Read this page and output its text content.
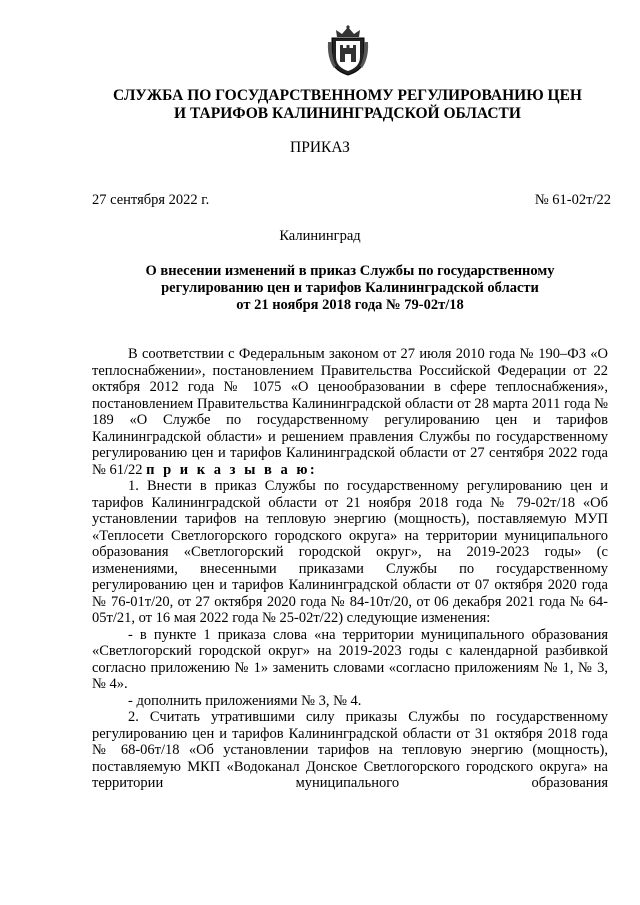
СЛУЖБА ПО ГОСУДАРСТВЕННОМУ РЕГУЛИРОВАНИЮ ЦЕН
И ТАРИФОВ КАЛИНИНГРАДСКОЙ ОБЛАСТИ
ПРИКАЗ
27 сентября 2022 г.	№ 61-02т/22
Калининград
О внесении изменений в приказ Службы по государственному
регулированию цен и тарифов Калининградской области
от 21 ноября 2018 года № 79-02т/18

В соответствии с Федеральным законом от 27 июля 2010 года № 190–ФЗ «О теплоснабжении», постановлением Правительства Российской Федерации от 22 октября 2012 года № 1075 «О ценообразовании в сфере теплоснабжения», постановлением Правительства Калининградской области от 28 марта 2011 года № 189 «О Службе по государственному регулированию цен и тарифов Калининградской области» и решением правления Службы по государственному регулированию цен и тарифов Калининградской области от 27 сентября 2022 года № 61/22 п р и к а з ы в а ю:

1. Внести в приказ Службы по государственному регулированию цен и тарифов Калининградской области от 21 ноября 2018 года № 79-02т/18 «Об установлении тарифов на тепловую энергию (мощность), поставляемую МУП «Теплосети Светлогорского городского округа» на территории муниципального образования «Светлогорский городской округ», на 2019-2023 годы» (с изменениями, внесенными приказами Службы по государственному регулированию цен и тарифов Калининградской области от 07 октября 2020 года № 76-01т/20, от 27 октября 2020 года № 84-10т/20, от 06 декабря 2021 года № 64-05т/21, от 16 мая 2022 года № 25-02т/22) следующие изменения:

- в пункте 1 приказа слова «на территории муниципального образования «Светлогорский городской округ» на 2019-2023 годы с календарной разбивкой согласно приложению № 1» заменить словами «согласно приложениям № 1, № 3, № 4».

- дополнить приложениями № 3, № 4.

2. Считать утратившими силу приказы Службы по государственному регулированию цен и тарифов Калининградской области от 31 октября 2018 года № 68-06т/18 «Об установлении тарифов на тепловую энергию (мощность), поставляемую МКП «Водоканал Донское Светлогорского городского округа» на территории муниципального образования
